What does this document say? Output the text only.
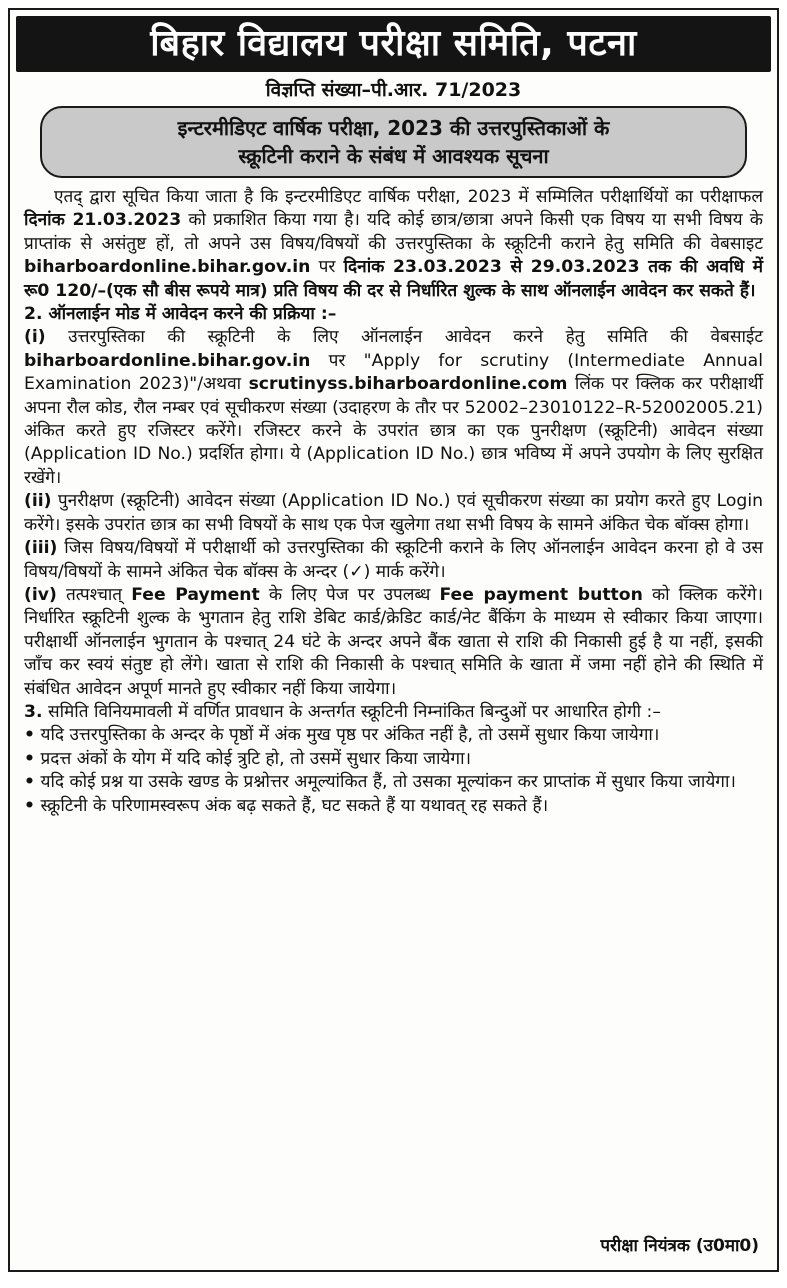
बिहार विद्यालय परीक्षा समिति, पटना
विज्ञप्ति संख्या–पी.आर. 71/2023
इन्टरमीडिएट वार्षिक परीक्षा, 2023 की उत्तरपुस्तिकाओं के
स्क्रूटिनी कराने के संबंध में आवश्यक सूचना

एतद् द्वारा सूचित किया जाता है कि इन्टरमीडिएट वार्षिक परीक्षा, 2023 में सम्मिलित परीक्षार्थियों का परीक्षाफल दिनांक 21.03.2023 को प्रकाशित किया गया है। यदि कोई छात्र/छात्रा अपने किसी एक विषय या सभी विषय के प्राप्तांक से असंतुष्ट हों, तो अपने उस विषय/विषयों की उत्तरपुस्तिका के स्क्रूटिनी कराने हेतु समिति की वेबसाइट biharboardonline.bihar.gov.in पर दिनांक 23.03.2023 से 29.03.2023 तक की अवधि में रू0 120/–(एक सौ बीस रूपये मात्र) प्रति विषय की दर से निर्धारित शुल्क के साथ ऑनलाईन आवेदन कर सकते हैं।

2. ऑनलाईन मोड में आवेदन करने की प्रक्रिया :–

(i) उत्तरपुस्तिका की स्क्रूटिनी के लिए ऑनलाईन आवेदन करने हेतु समिति की वेबसाईट biharboardonline.bihar.gov.in पर "Apply for scrutiny (Intermediate Annual Examination 2023)"/अथवा scrutinyss.biharboardonline.com लिंक पर क्लिक कर परीक्षार्थी अपना रौल कोड, रौल नम्बर एवं सूचीकरण संख्या (उदाहरण के तौर पर 52002–23010122–R-52002005.21) अंकित करते हुए रजिस्टर करेंगे। रजिस्टर करने के उपरांत छात्र का एक पुनरीक्षण (स्क्रूटिनी) आवेदन संख्या (Application ID No.) प्रदर्शित होगा। ये (Application ID No.) छात्र भविष्य में अपने उपयोग के लिए सुरक्षित रखेंगे।

(ii) पुनरीक्षण (स्क्रूटिनी) आवेदन संख्या (Application ID No.) एवं सूचीकरण संख्या का प्रयोग करते हुए Login करेंगे। इसके उपरांत छात्र का सभी विषयों के साथ एक पेज खुलेगा तथा सभी विषय के सामने अंकित चेक बॉक्स होगा।

(iii) जिस विषय/विषयों में परीक्षार्थी को उत्तरपुस्तिका की स्क्रूटिनी कराने के लिए ऑनलाईन आवेदन करना हो वे उस विषय/विषयों के सामने अंकित चेक बॉक्स के अन्दर (✓) मार्क करेंगे।

(iv) तत्पश्चात् Fee Payment के लिए पेज पर उपलब्ध Fee payment button को क्लिक करेंगे। निर्धारित स्क्रूटिनी शुल्क के भुगतान हेतु राशि डेबिट कार्ड/क्रेडिट कार्ड/नेट बैंकिंग के माध्यम से स्वीकार किया जाएगा। परीक्षार्थी ऑनलाईन भुगतान के पश्चात् 24 घंटे के अन्दर अपने बैंक खाता से राशि की निकासी हुई है या नहीं, इसकी जाँच कर स्वयं संतुष्ट हो लेंगे। खाता से राशि की निकासी के पश्चात् समिति के खाता में जमा नहीं होने की स्थिति में संबंधित आवेदन अपूर्ण मानते हुए स्वीकार नहीं किया जायेगा।

3. समिति विनियमावली में वर्णित प्रावधान के अन्तर्गत स्क्रूटिनी निम्नांकित बिन्दुओं पर आधारित होगी :–

• यदि उत्तरपुस्तिका के अन्दर के पृष्ठों में अंक मुख पृष्ठ पर अंकित नहीं है, तो उसमें सुधार किया जायेगा।

• प्रदत्त अंकों के योग में यदि कोई त्रुटि हो, तो उसमें सुधार किया जायेगा।

• यदि कोई प्रश्न या उसके खण्ड के प्रश्नोत्तर अमूल्यांकित हैं, तो उसका मूल्यांकन कर प्राप्तांक में सुधार किया जायेगा।

• स्क्रूटिनी के परिणामस्वरूप अंक बढ़ सकते हैं, घट सकते हैं या यथावत् रह सकते हैं।

परीक्षा नियंत्रक (उ0मा0)
